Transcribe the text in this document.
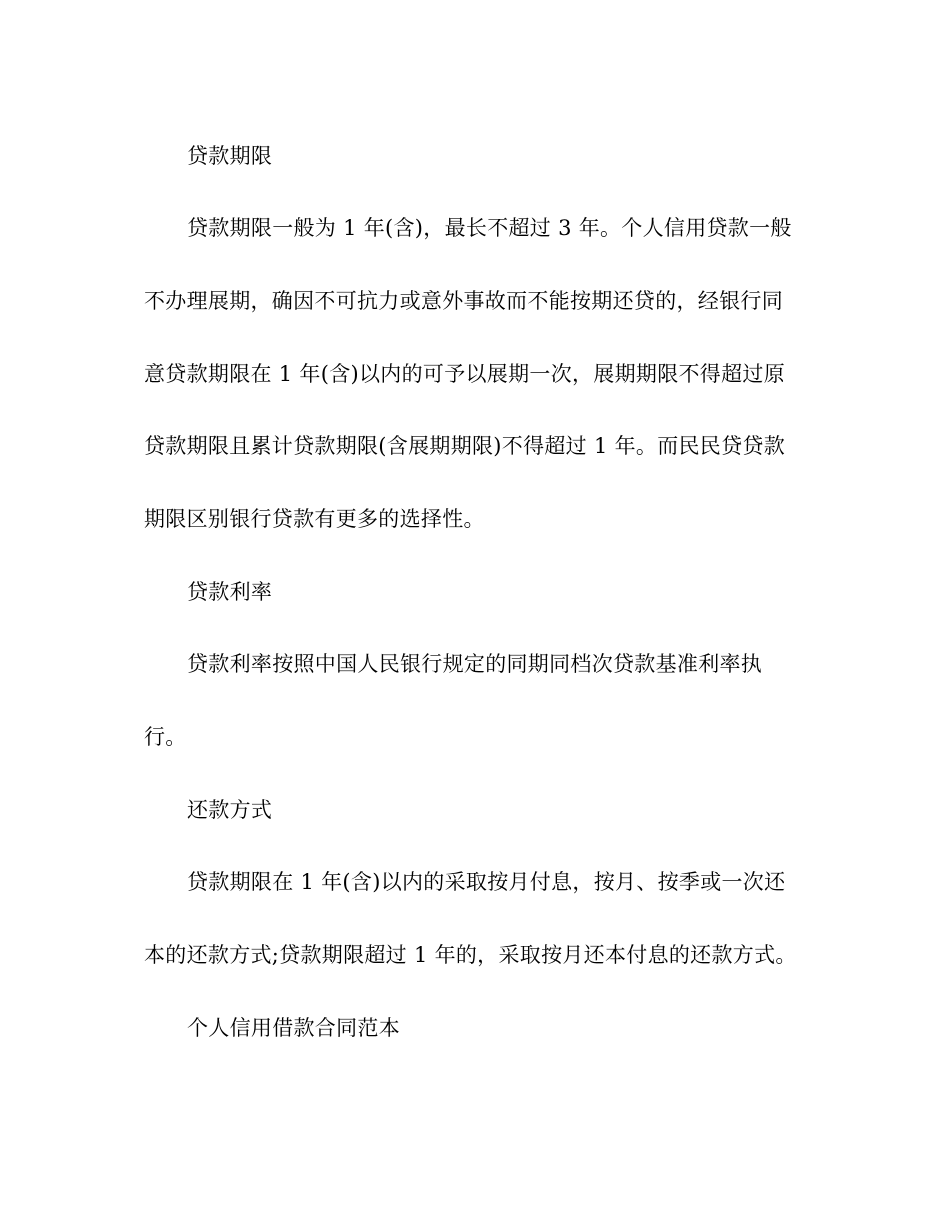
贷款期限
贷款期限一般为 1 年(含)，最长不超过 3 年。个人信用贷款一般
不办理展期，确因不可抗力或意外事故而不能按期还贷的，经银行同
意贷款期限在 1 年(含)以内的可予以展期一次，展期期限不得超过原
贷款期限且累计贷款期限(含展期期限)不得超过 1 年。而民民贷贷款
期限区别银行贷款有更多的选择性。
贷款利率
贷款利率按照中国人民银行规定的同期同档次贷款基准利率执
行。
还款方式
贷款期限在 1 年(含)以内的采取按月付息，按月、按季或一次还
本的还款方式;贷款期限超过 1 年的，采取按月还本付息的还款方式。
个人信用借款合同范本
